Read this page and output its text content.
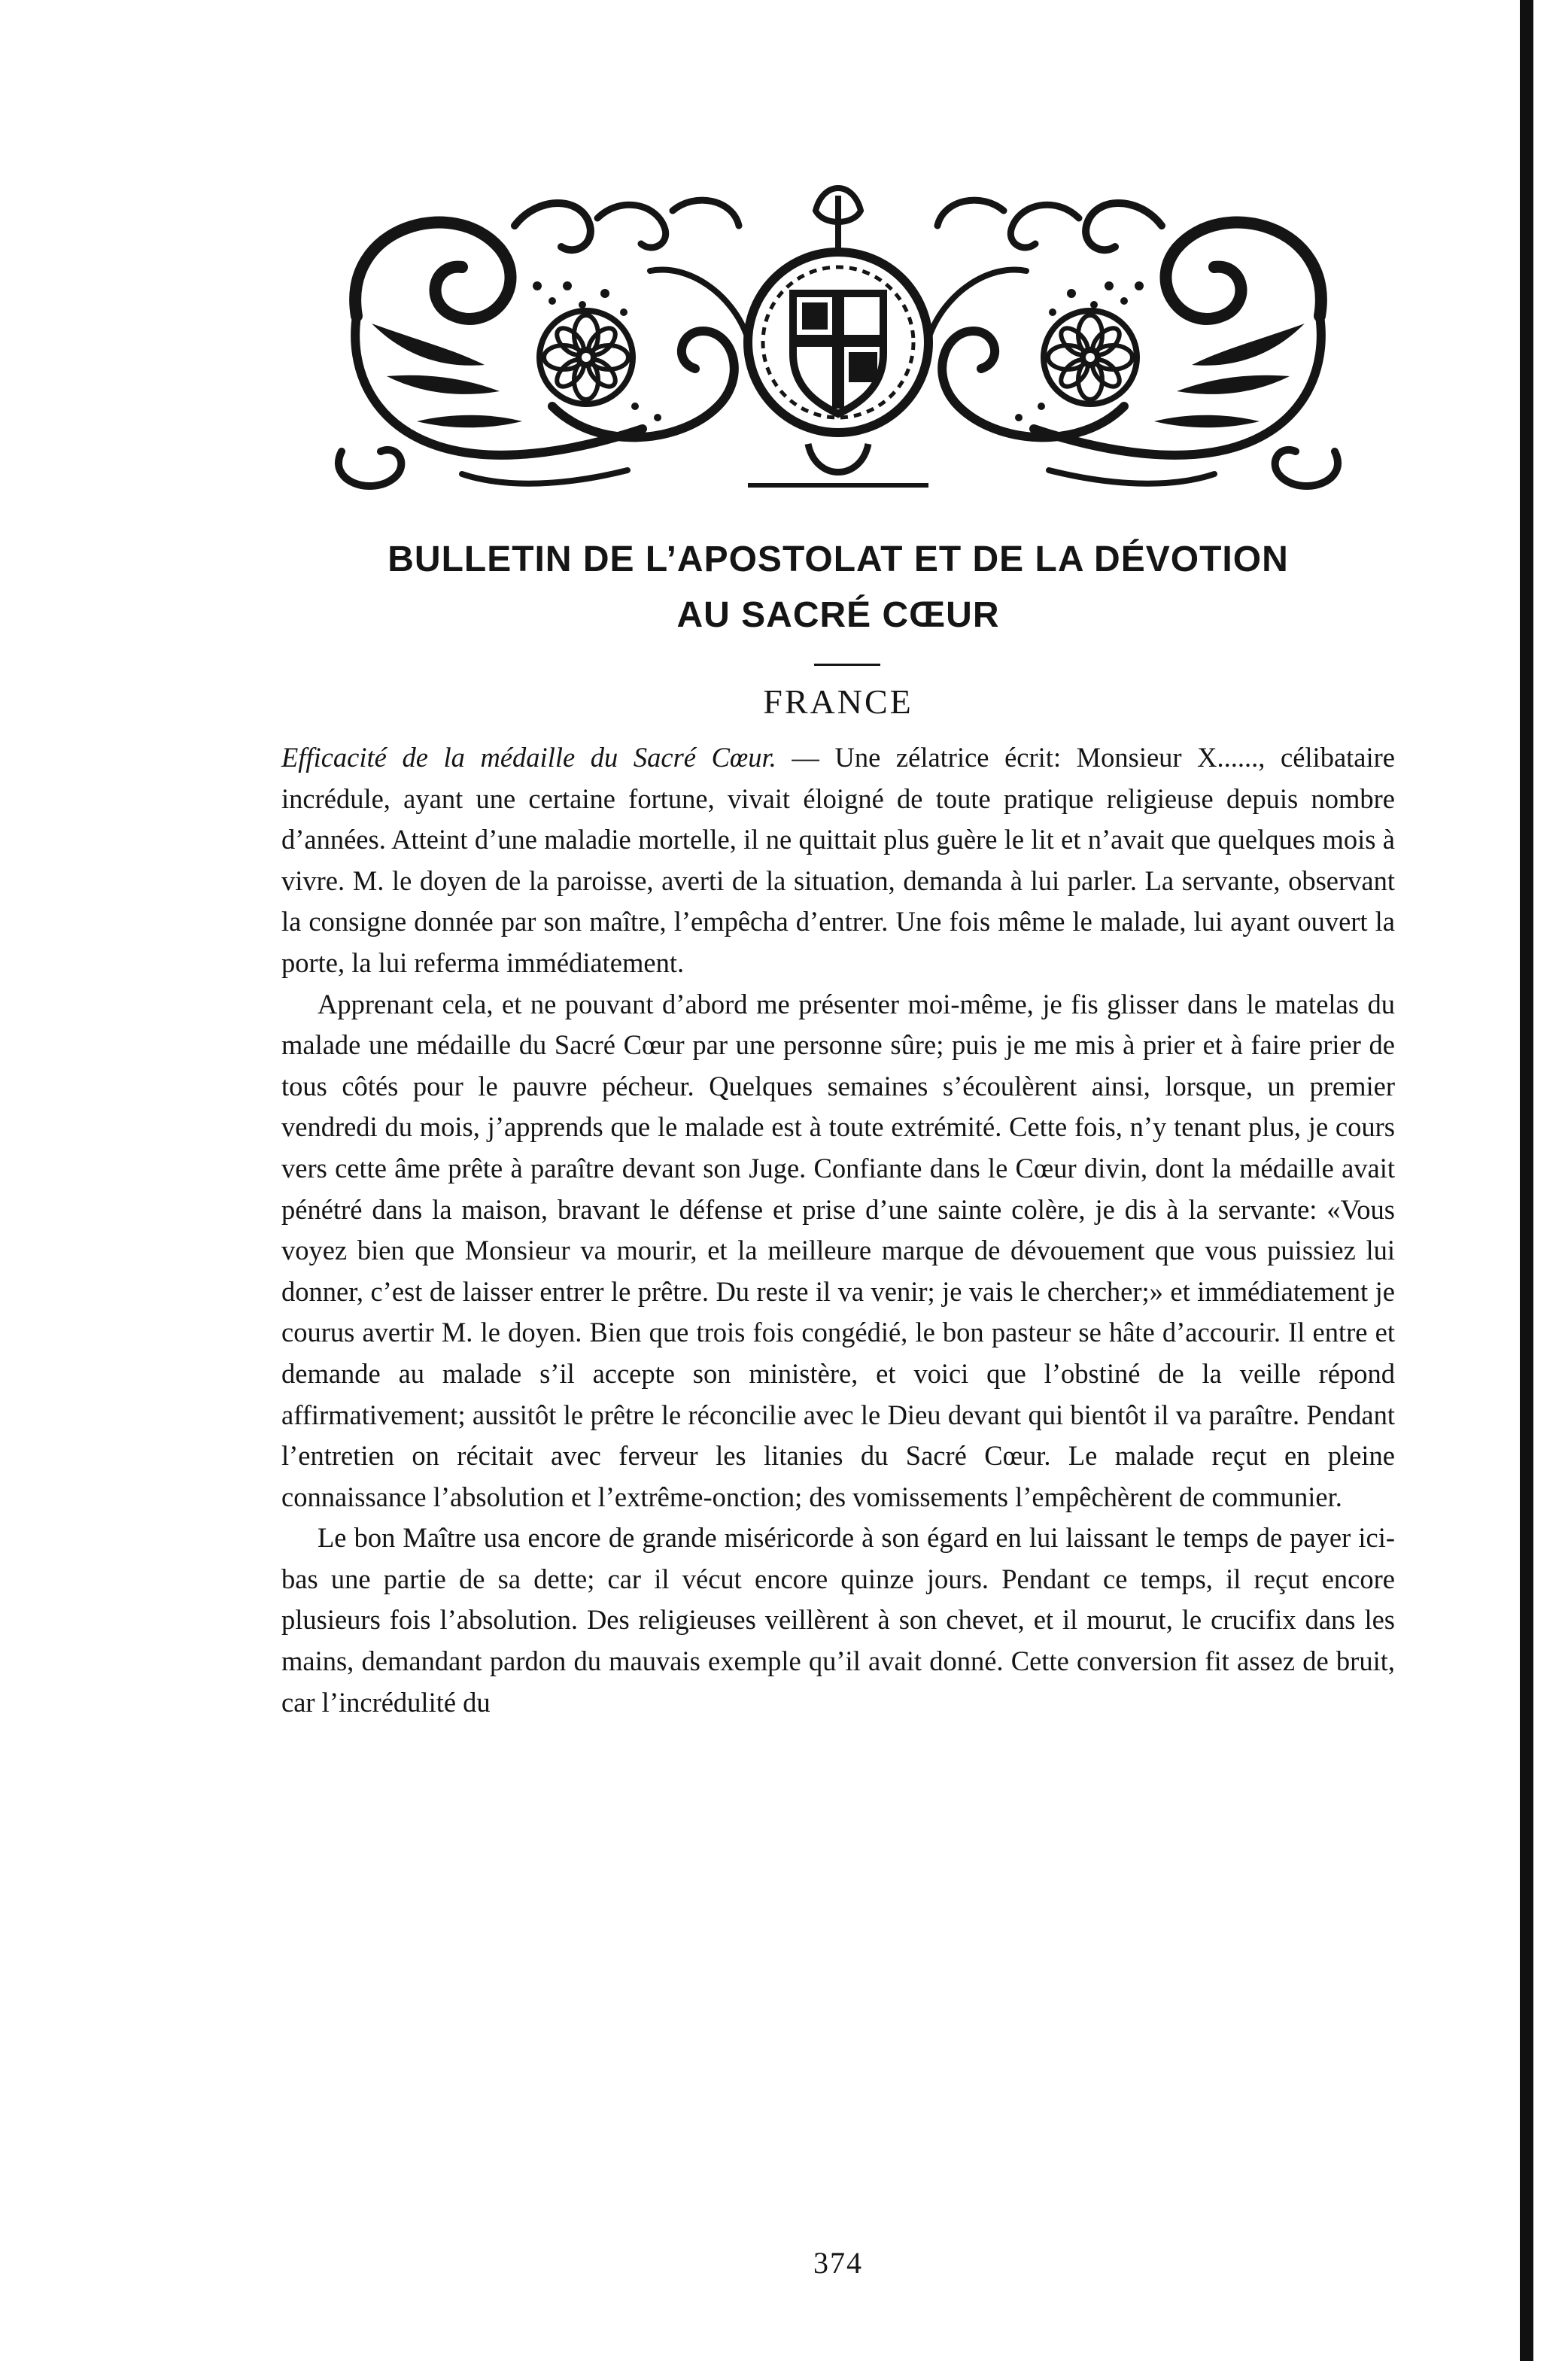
BULLETIN DE L’APOSTOLAT ET DE LA DÉVOTION
AU SACRÉ CŒUR
FRANCE

Efficacité de la médaille du Sacré Cœur. — Une zélatrice écrit: Monsieur X......, célibataire incrédule, ayant une certaine fortune, vivait éloigné de toute pratique religieuse depuis nombre d’années. Atteint d’une maladie mortelle, il ne quittait plus guère le lit et n’avait que quelques mois à vivre. M. le doyen de la paroisse, averti de la situation, demanda à lui parler. La servante, observant la consigne donnée par son maître, l’empêcha d’entrer. Une fois même le malade, lui ayant ouvert la porte, la lui referma immédiatement.

Apprenant cela, et ne pouvant d’abord me présenter moi-même, je fis glisser dans le matelas du malade une médaille du Sacré Cœur par une personne sûre; puis je me mis à prier et à faire prier de tous côtés pour le pauvre pécheur. Quelques semaines s’écoulèrent ainsi, lorsque, un premier vendredi du mois, j’apprends que le malade est à toute extrémité. Cette fois, n’y tenant plus, je cours vers cette âme prête à paraître devant son Juge. Confiante dans le Cœur divin, dont la médaille avait pénétré dans la maison, bravant le défense et prise d’une sainte colère, je dis à la servante: «Vous voyez bien que Monsieur va mourir, et la meilleure marque de dévouement que vous puissiez lui donner, c’est de laisser entrer le prêtre. Du reste il va venir; je vais le chercher;» et immédiatement je courus avertir M. le doyen. Bien que trois fois congédié, le bon pasteur se hâte d’accourir. Il entre et demande au malade s’il accepte son ministère, et voici que l’obstiné de la veille répond affirmativement; aussitôt le prêtre le réconcilie avec le Dieu devant qui bientôt il va paraître. Pendant l’entretien on récitait avec ferveur les litanies du Sacré Cœur. Le malade reçut en pleine connaissance l’absolution et l’extrême-onction; des vomissements l’empêchèrent de communier.

Le bon Maître usa encore de grande miséricorde à son égard en lui laissant le temps de payer ici-bas une partie de sa dette; car il vécut encore quinze jours. Pendant ce temps, il reçut encore plusieurs fois l’absolution. Des religieuses veillèrent à son chevet, et il mourut, le crucifix dans les mains, demandant pardon du mauvais exemple qu’il avait donné. Cette conversion fit assez de bruit, car l’incrédulité du

374
